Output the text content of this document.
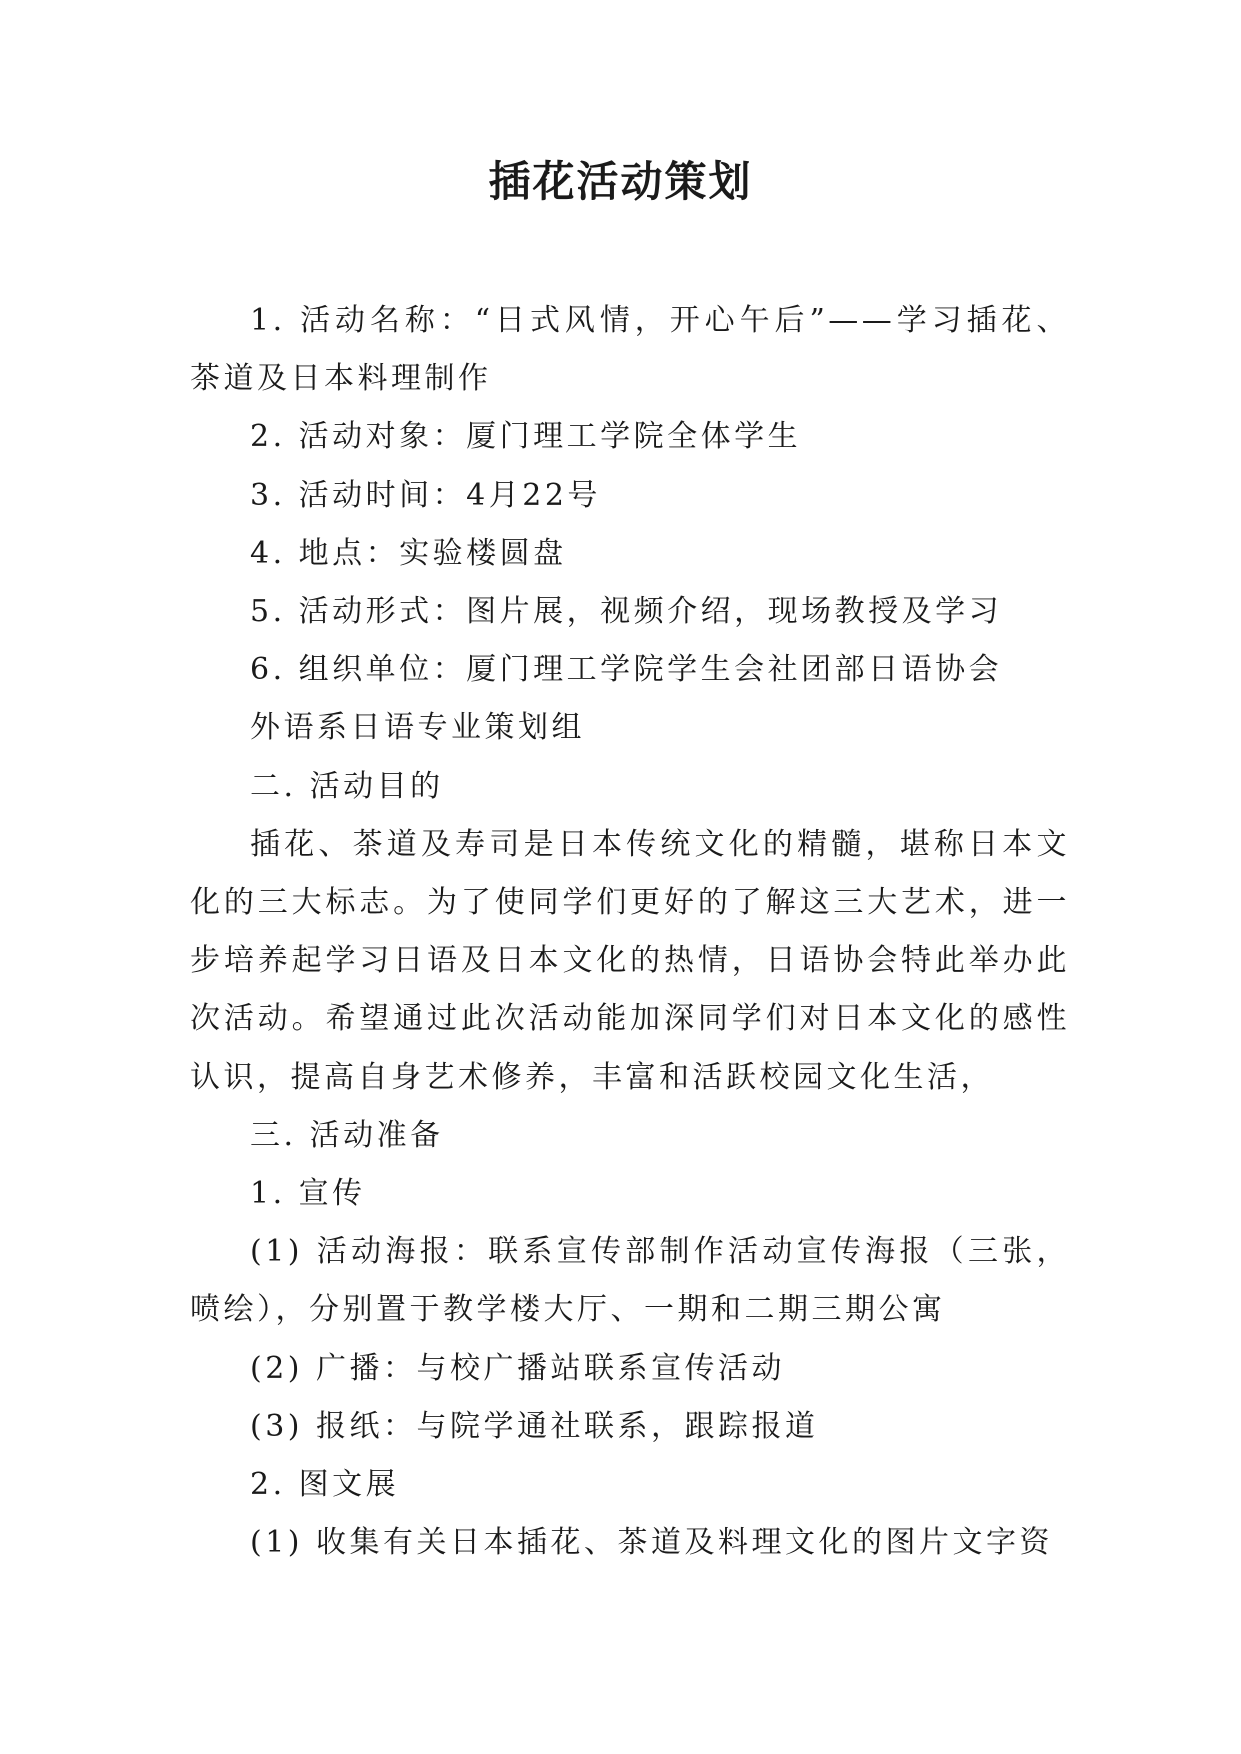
插花活动策划

1. 活动名称：“日式风情，开心午后”——学习插花、茶道及日本料理制作

2. 活动对象：厦门理工学院全体学生

3. 活动时间：4月22号

4. 地点：实验楼圆盘

5. 活动形式：图片展，视频介绍，现场教授及学习

6. 组织单位：厦门理工学院学生会社团部日语协会

外语系日语专业策划组

二. 活动目的

插花、茶道及寿司是日本传统文化的精髓，堪称日本文化的三大标志。为了使同学们更好的了解这三大艺术，进一步培养起学习日语及日本文化的热情，日语协会特此举办此次活动。希望通过此次活动能加深同学们对日本文化的感性认识，提高自身艺术修养，丰富和活跃校园文化生活，

三. 活动准备

1. 宣传

(1) 活动海报：联系宣传部制作活动宣传海报（三张，喷绘），分别置于教学楼大厅、一期和二期三期公寓

(2) 广播：与校广播站联系宣传活动

(3) 报纸：与院学通社联系，跟踪报道

2. 图文展

(1) 收集有关日本插花、茶道及料理文化的图片文字资
